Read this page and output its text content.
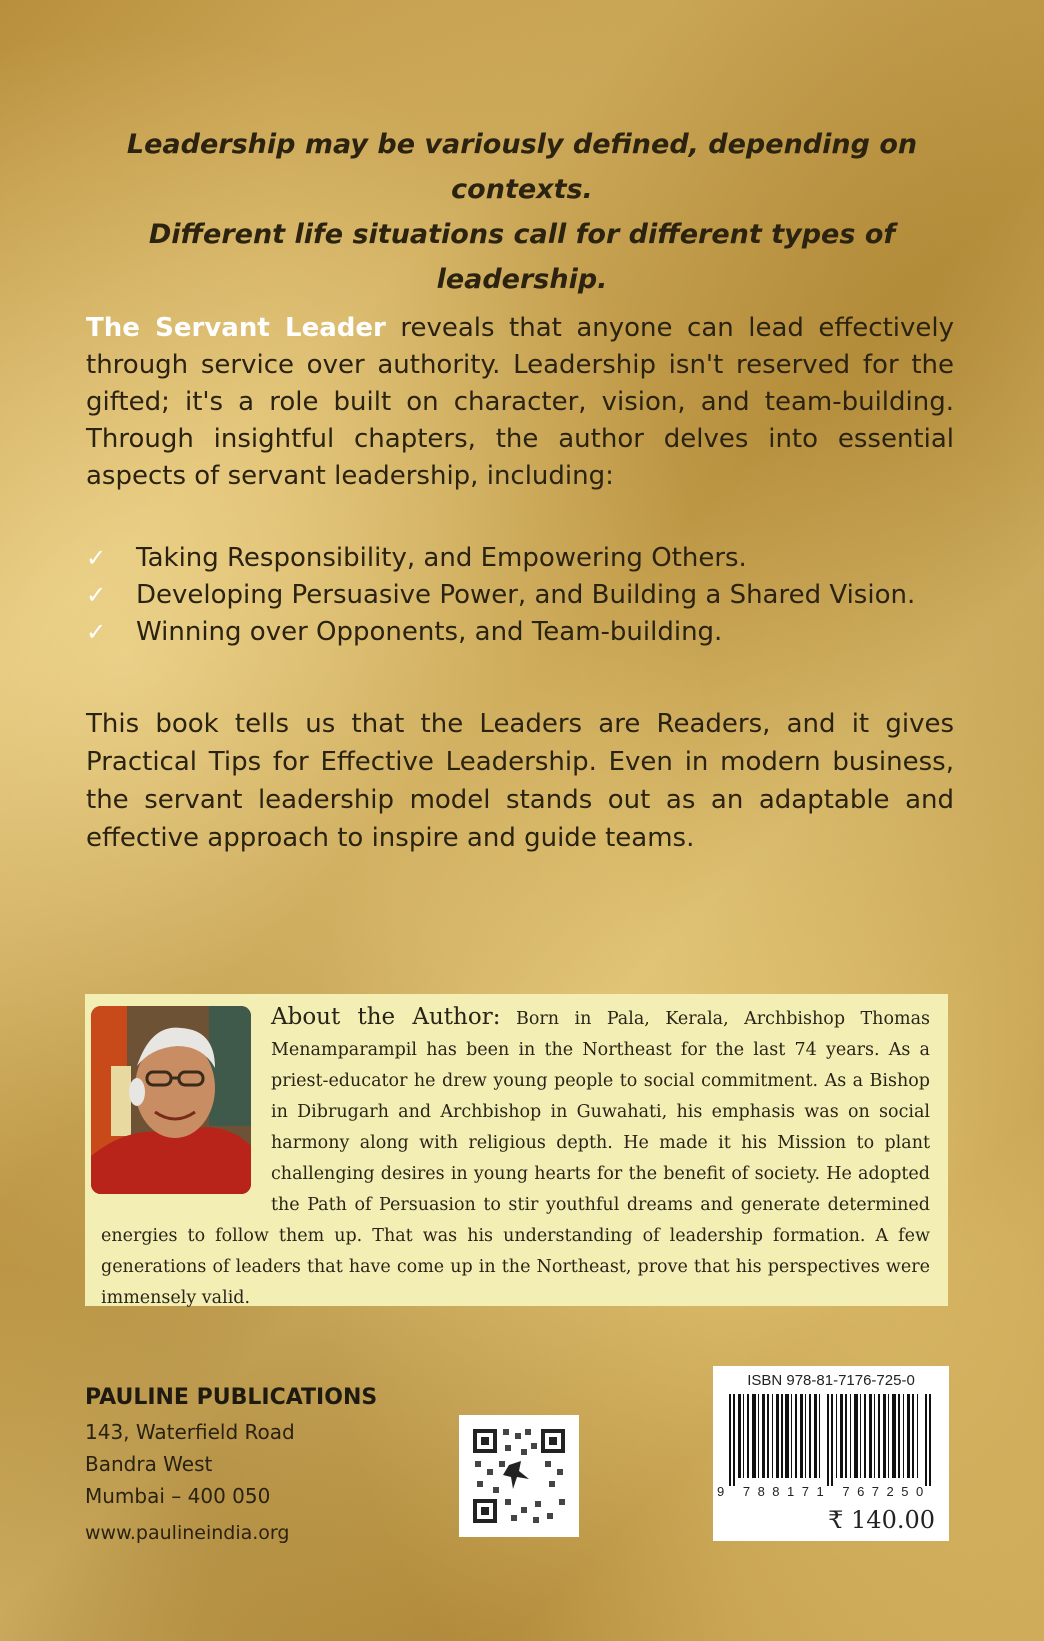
Leadership may be variously defined, depending on contexts.
Different life situations call for different types of leadership.
The Servant Leader reveals that anyone can lead effectively through service over authority. Leadership isn't reserved for the gifted; it's a role built on character, vision, and team-building. Through insightful chapters, the author delves into essential aspects of servant leadership, including:
✓	Taking Responsibility, and Empowering Others.
✓	Developing Persuasive Power, and Building a Shared Vision.
✓	Winning over Opponents, and Team-building.
This book tells us that the Leaders are Readers, and it gives Practical Tips for Effective Leadership. Even in modern business, the servant leadership model stands out as an adaptable and effective approach to inspire and guide teams.
About the Author: Born in Pala, Kerala, Archbishop Thomas Menamparampil has been in the Northeast for the last 74 years. As a priest-educator he drew young people to social commitment. As a Bishop in Dibrugarh and Archbishop in Guwahati, his emphasis was on social harmony along with religious depth. He made it his Mission to plant challenging desires in young hearts for the benefit of society. He adopted the Path of Persuasion to stir youthful dreams and generate determined energies to follow them up. That was his understanding of leadership formation. A few generations of leaders that have come up in the Northeast, prove that his perspectives were immensely valid.
PAULINE PUBLICATIONS
143, Waterfield Road
Bandra West
Mumbai – 400 050
www.paulineindia.org
ISBN 978-81-7176-725-0
9 788171 767250
₹ 140.00
